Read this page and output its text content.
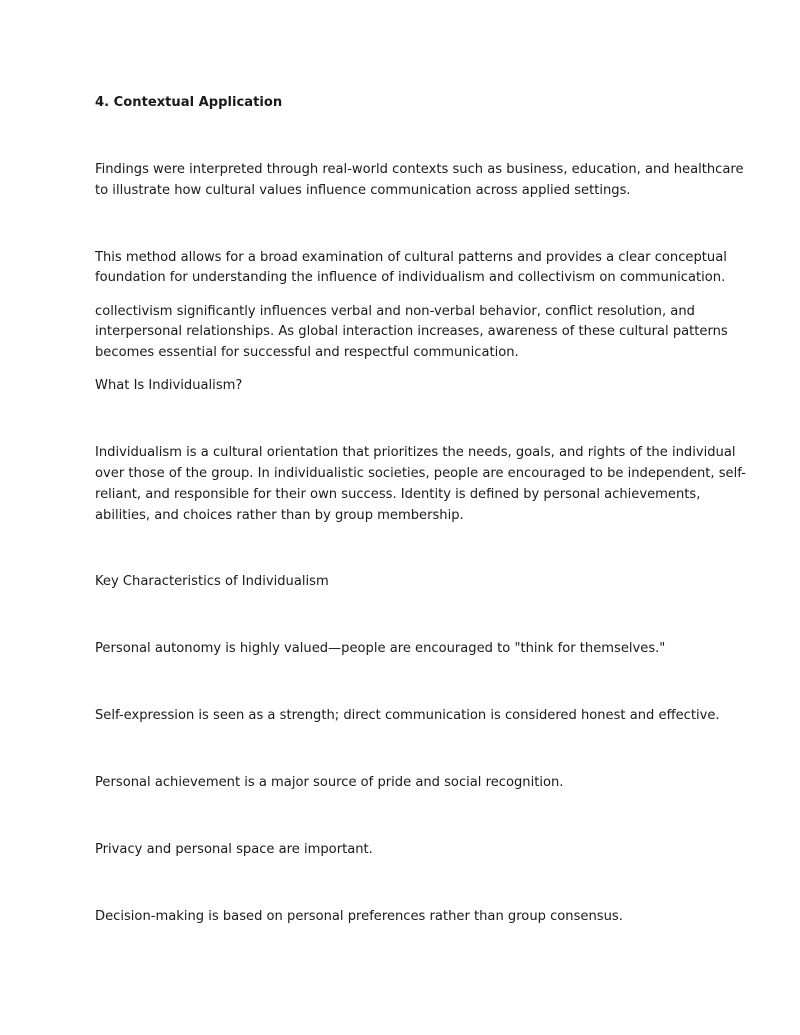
4. Contextual Application

Findings were interpreted through real-world contexts such as business, education, and healthcare

to illustrate how cultural values influence communication across applied settings.

This method allows for a broad examination of cultural patterns and provides a clear conceptual

foundation for understanding the influence of individualism and collectivism on communication.

collectivism significantly influences verbal and non-verbal behavior, conflict resolution, and

interpersonal relationships. As global interaction increases, awareness of these cultural patterns

becomes essential for successful and respectful communication.

What Is Individualism?

Individualism is a cultural orientation that prioritizes the needs, goals, and rights of the individual

over those of the group. In individualistic societies, people are encouraged to be independent, self-

reliant, and responsible for their own success. Identity is defined by personal achievements,

abilities, and choices rather than by group membership.

Key Characteristics of Individualism

Personal autonomy is highly valued—people are encouraged to "think for themselves."

Self-expression is seen as a strength; direct communication is considered honest and effective.

Personal achievement is a major source of pride and social recognition.

Privacy and personal space are important.

Decision-making is based on personal preferences rather than group consensus.
